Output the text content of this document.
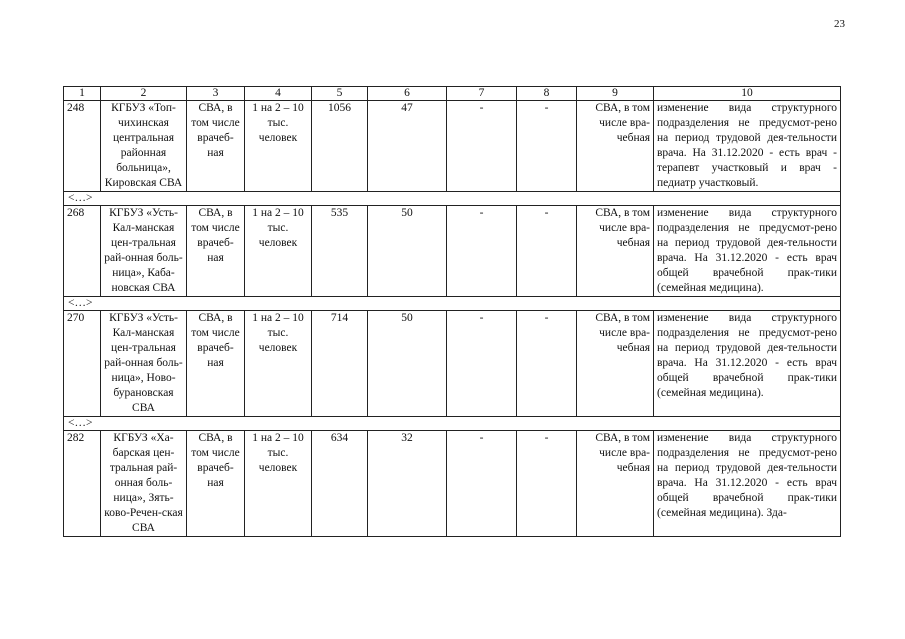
23
1	2	3	4	5	6	7	8	9	10
248	КГБУЗ «Топ-чихинская центральная районная больница», Кировская СВА	СВА, в том числе врачеб-ная	1 на 2 – 10 тыс. человек	1056	47	-	-	СВА, в том числе вра-чебная	изменение вида структурного подразделения не предусмот-рено на период трудовой дея-тельности врача. На 31.12.2020 - есть врач - терапевт участковый и врач - педиатр участковый.
<…>									
268	КГБУЗ «Усть-Кал-манская цен-тральная рай-онная боль-ница», Каба-новская СВА	СВА, в том числе врачеб-ная	1 на 2 – 10 тыс. человек	535	50	-	-	СВА, в том числе вра-чебная	изменение вида структурного подразделения не предусмот-рено на период трудовой дея-тельности врача. На 31.12.2020 - есть врач общей врачебной прак-тики (семейная медицина).
<…>									
270	КГБУЗ «Усть-Кал-манская цен-тральная рай-онная боль-ница», Ново-бурановская СВА	СВА, в том числе врачеб-ная	1 на 2 – 10 тыс. человек	714	50	-	-	СВА, в том числе вра-чебная	изменение вида структурного подразделения не предусмот-рено на период трудовой дея-тельности врача. На 31.12.2020 - есть врач общей врачебной прак-тики (семейная медицина).
<…>									
282	КГБУЗ «Ха-барская цен-тральная рай-онная боль-ница», Зять-ково-Речен-ская СВА	СВА, в том числе врачеб-ная	1 на 2 – 10 тыс. человек	634	32	-	-	СВА, в том числе вра-чебная	изменение вида структурного подразделения не предусмот-рено на период трудовой дея-тельности врача. На 31.12.2020 - есть врач общей врачебной прак-тики (семейная медицина). Зда-
